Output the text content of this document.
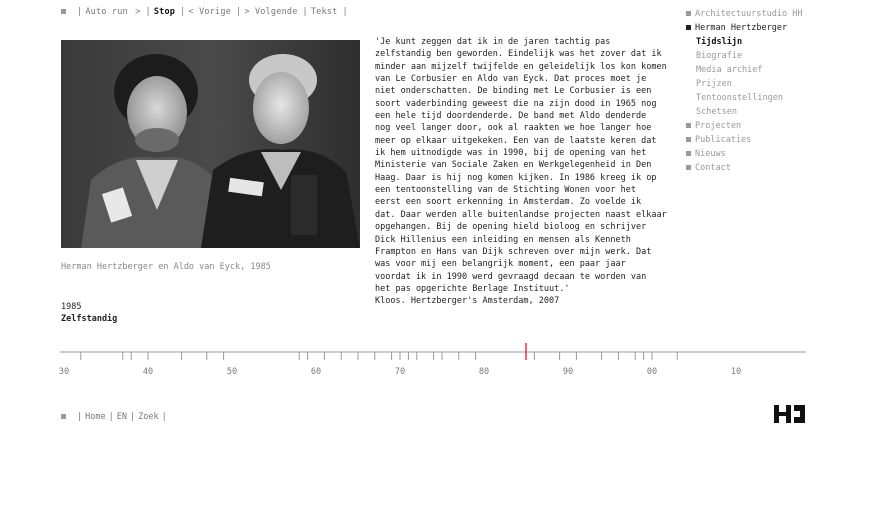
| Auto run > | Stop | < Vorige | > Volgende | Tekst |
Herman Hertzberger en Aldo van Eyck, 1985
'Je kunt zeggen dat ik in de jaren tachtig pas
zelfstandig ben geworden. Eindelijk was het zover dat ik
minder aan mijzelf twijfelde en geleidelijk los kon komen
van Le Corbusier en Aldo van Eyck. Dat proces moet je
niet onderschatten. De binding met Le Corbusier is een
soort vaderbinding geweest die na zijn dood in 1965 nog
een hele tijd doordenderde. De band met Aldo denderde
nog veel langer door, ook al raakten we hoe langer hoe
meer op elkaar uitgekeken. Een van de laatste keren dat
ik hem uitnodigde was in 1990, bij de opening van het
Ministerie van Sociale Zaken en Werkgelegenheid in Den
Haag. Daar is hij nog komen kijken. In 1986 kreeg ik op
een tentoonstelling van de Stichting Wonen voor het
eerst een soort erkenning in Amsterdam. Zo voelde ik
dat. Daar werden alle buitenlandse projecten naast elkaar
opgehangen. Bij de opening hield bioloog en schrijver
Dick Hillenius een inleiding en mensen als Kenneth
Frampton en Hans van Dijk schreven over mijn werk. Dat
was voor mij een belangrijk moment, een paar jaar
voordat ik in 1990 werd gevraagd decaan te worden van
het pas opgerichte Berlage Instituut.'
Kloos. Hertzberger's Amsterdam, 2007
1985
Zelfstandig
Architectuurstudio HH
Herman Hertzberger
Tijdslijn
Biografie
Media archief
Prijzen
Tentoonstellingen
Schetsen
Projecten
Publicaties
Nieuws
Contact
30	40	50	60	70	80	90	00	10
| Home | EN | Zoek |
